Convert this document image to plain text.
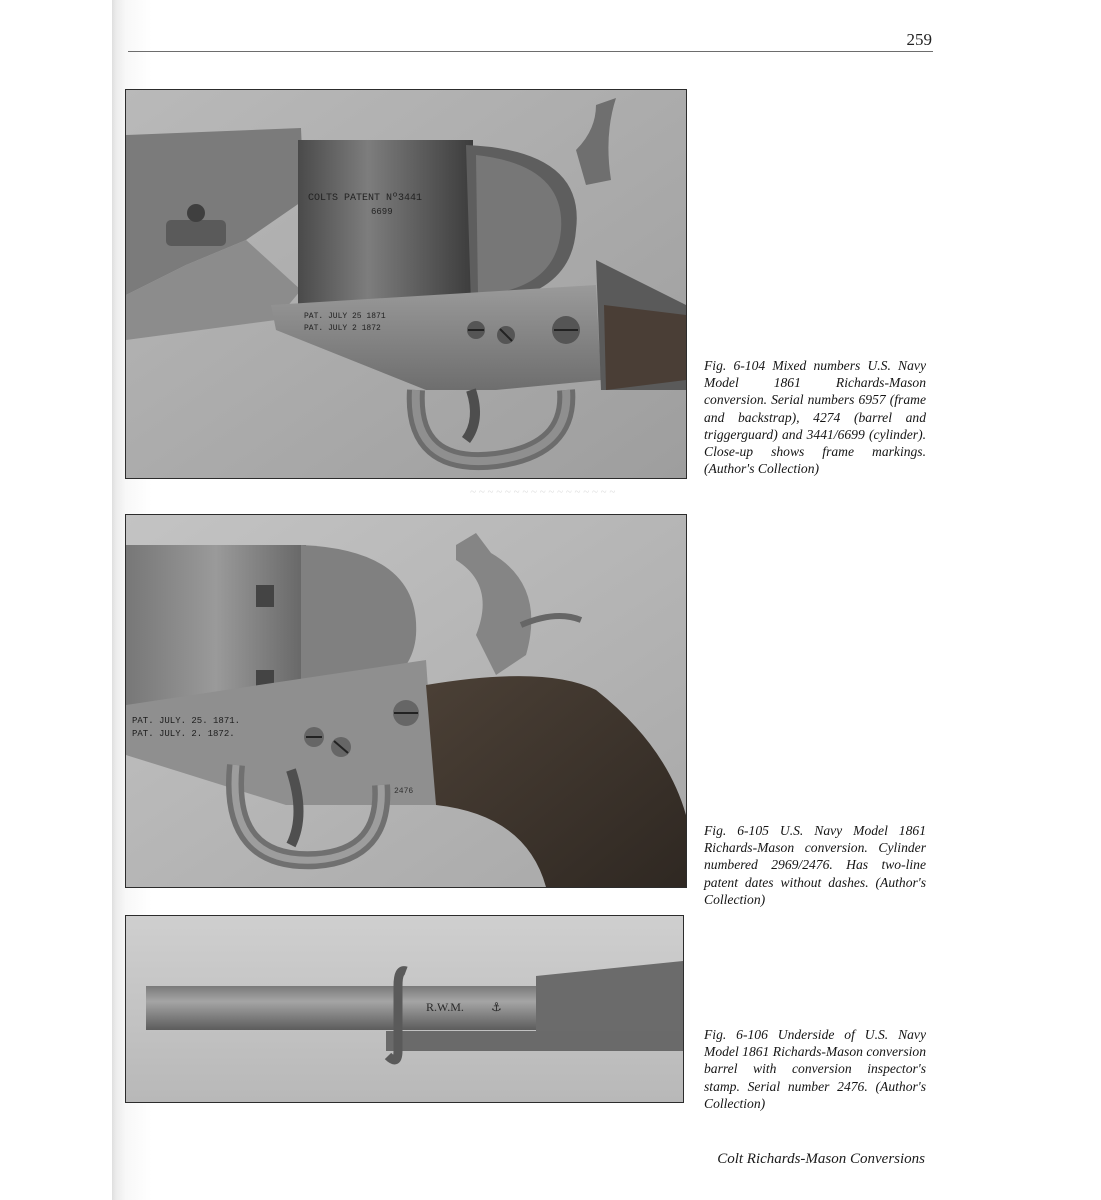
259
COLTS PATENT Nº3441
6699
PAT. JULY 25 1871
PAT. JULY 2 1872

Fig. 6-104 Mixed numbers U.S. Navy Model 1861 Richards-Mason conversion. Serial numbers 6957 (frame and backstrap), 4274 (barrel and triggerguard) and 3441/6699 (cylinder). Close-up shows frame markings. (Author's Collection)

~ ~ ~ ~ ~ ~ ~ ~ ~ ~ ~ ~ ~ ~ ~ ~ ~
PAT. JULY. 25. 1871.
PAT. JULY. 2. 1872.
2476

Fig. 6-105 U.S. Navy Model 1861 Richards-Mason conversion. Cylinder numbered 2969/2476. Has two-line patent dates without dashes. (Author's Collection)

R.W.M. ⚓

Fig. 6-106 Underside of U.S. Navy Model 1861 Richards-Mason conversion barrel with conversion inspector's stamp. Serial number 2476. (Author's Collection)

Colt Richards-Mason Conversions
